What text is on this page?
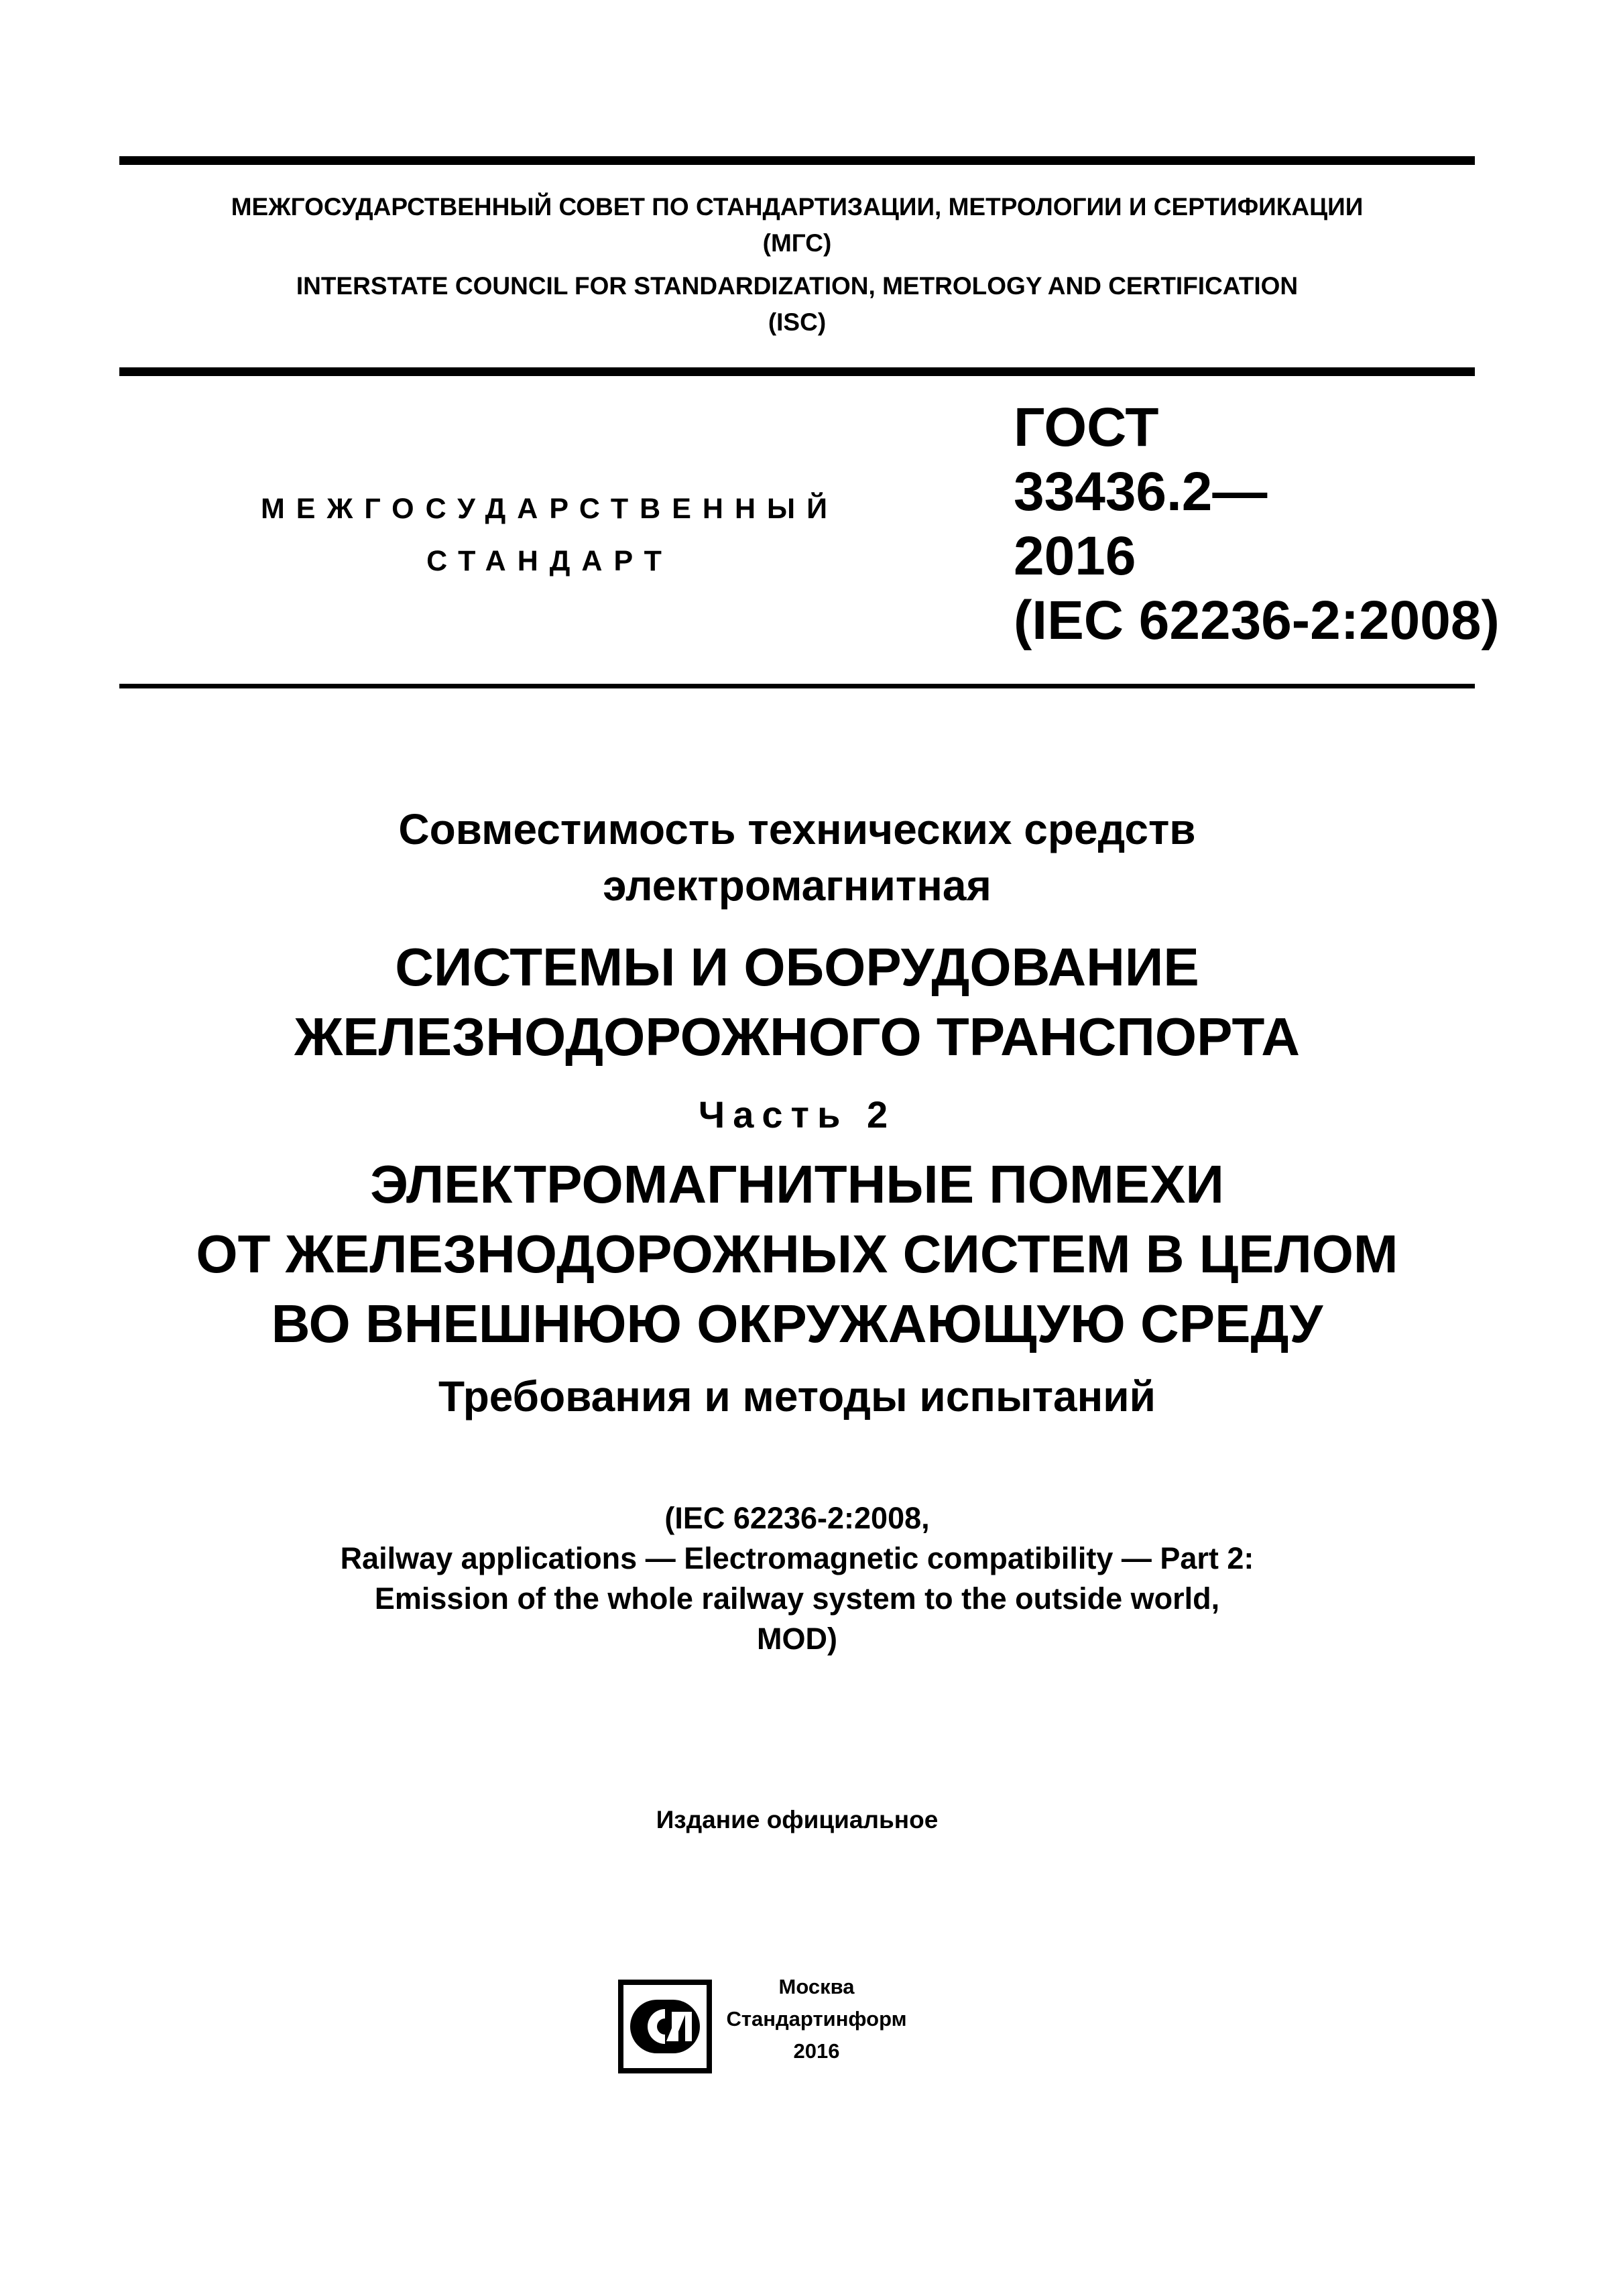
МЕЖГОСУДАРСТВЕННЫЙ СОВЕТ ПО СТАНДАРТИЗАЦИИ, МЕТРОЛОГИИ И СЕРТИФИКАЦИИ
(МГС)
INTERSTATE COUNCIL FOR STANDARDIZATION, METROLOGY AND CERTIFICATION
(ISC)
МЕЖГОСУДАРСТВЕННЫЙ
СТАНДАРТ
ГОСТ
33436.2—
2016
(IEC 62236-2:2008)
Совместимость технических средств
электромагнитная
СИСТЕМЫ И ОБОРУДОВАНИЕ
ЖЕЛЕЗНОДОРОЖНОГО ТРАНСПОРТА
Часть 2
ЭЛЕКТРОМАГНИТНЫЕ ПОМЕХИ
ОТ ЖЕЛЕЗНОДОРОЖНЫХ СИСТЕМ В ЦЕЛОМ
ВО ВНЕШНЮЮ ОКРУЖАЮЩУЮ СРЕДУ
Требования и методы испытаний
(IEC 62236-2:2008,
Railway applications — Electromagnetic compatibility — Part 2:
Emission of the whole railway system to the outside world,
MOD)
Издание официальное
Москва
Стандартинформ
2016
